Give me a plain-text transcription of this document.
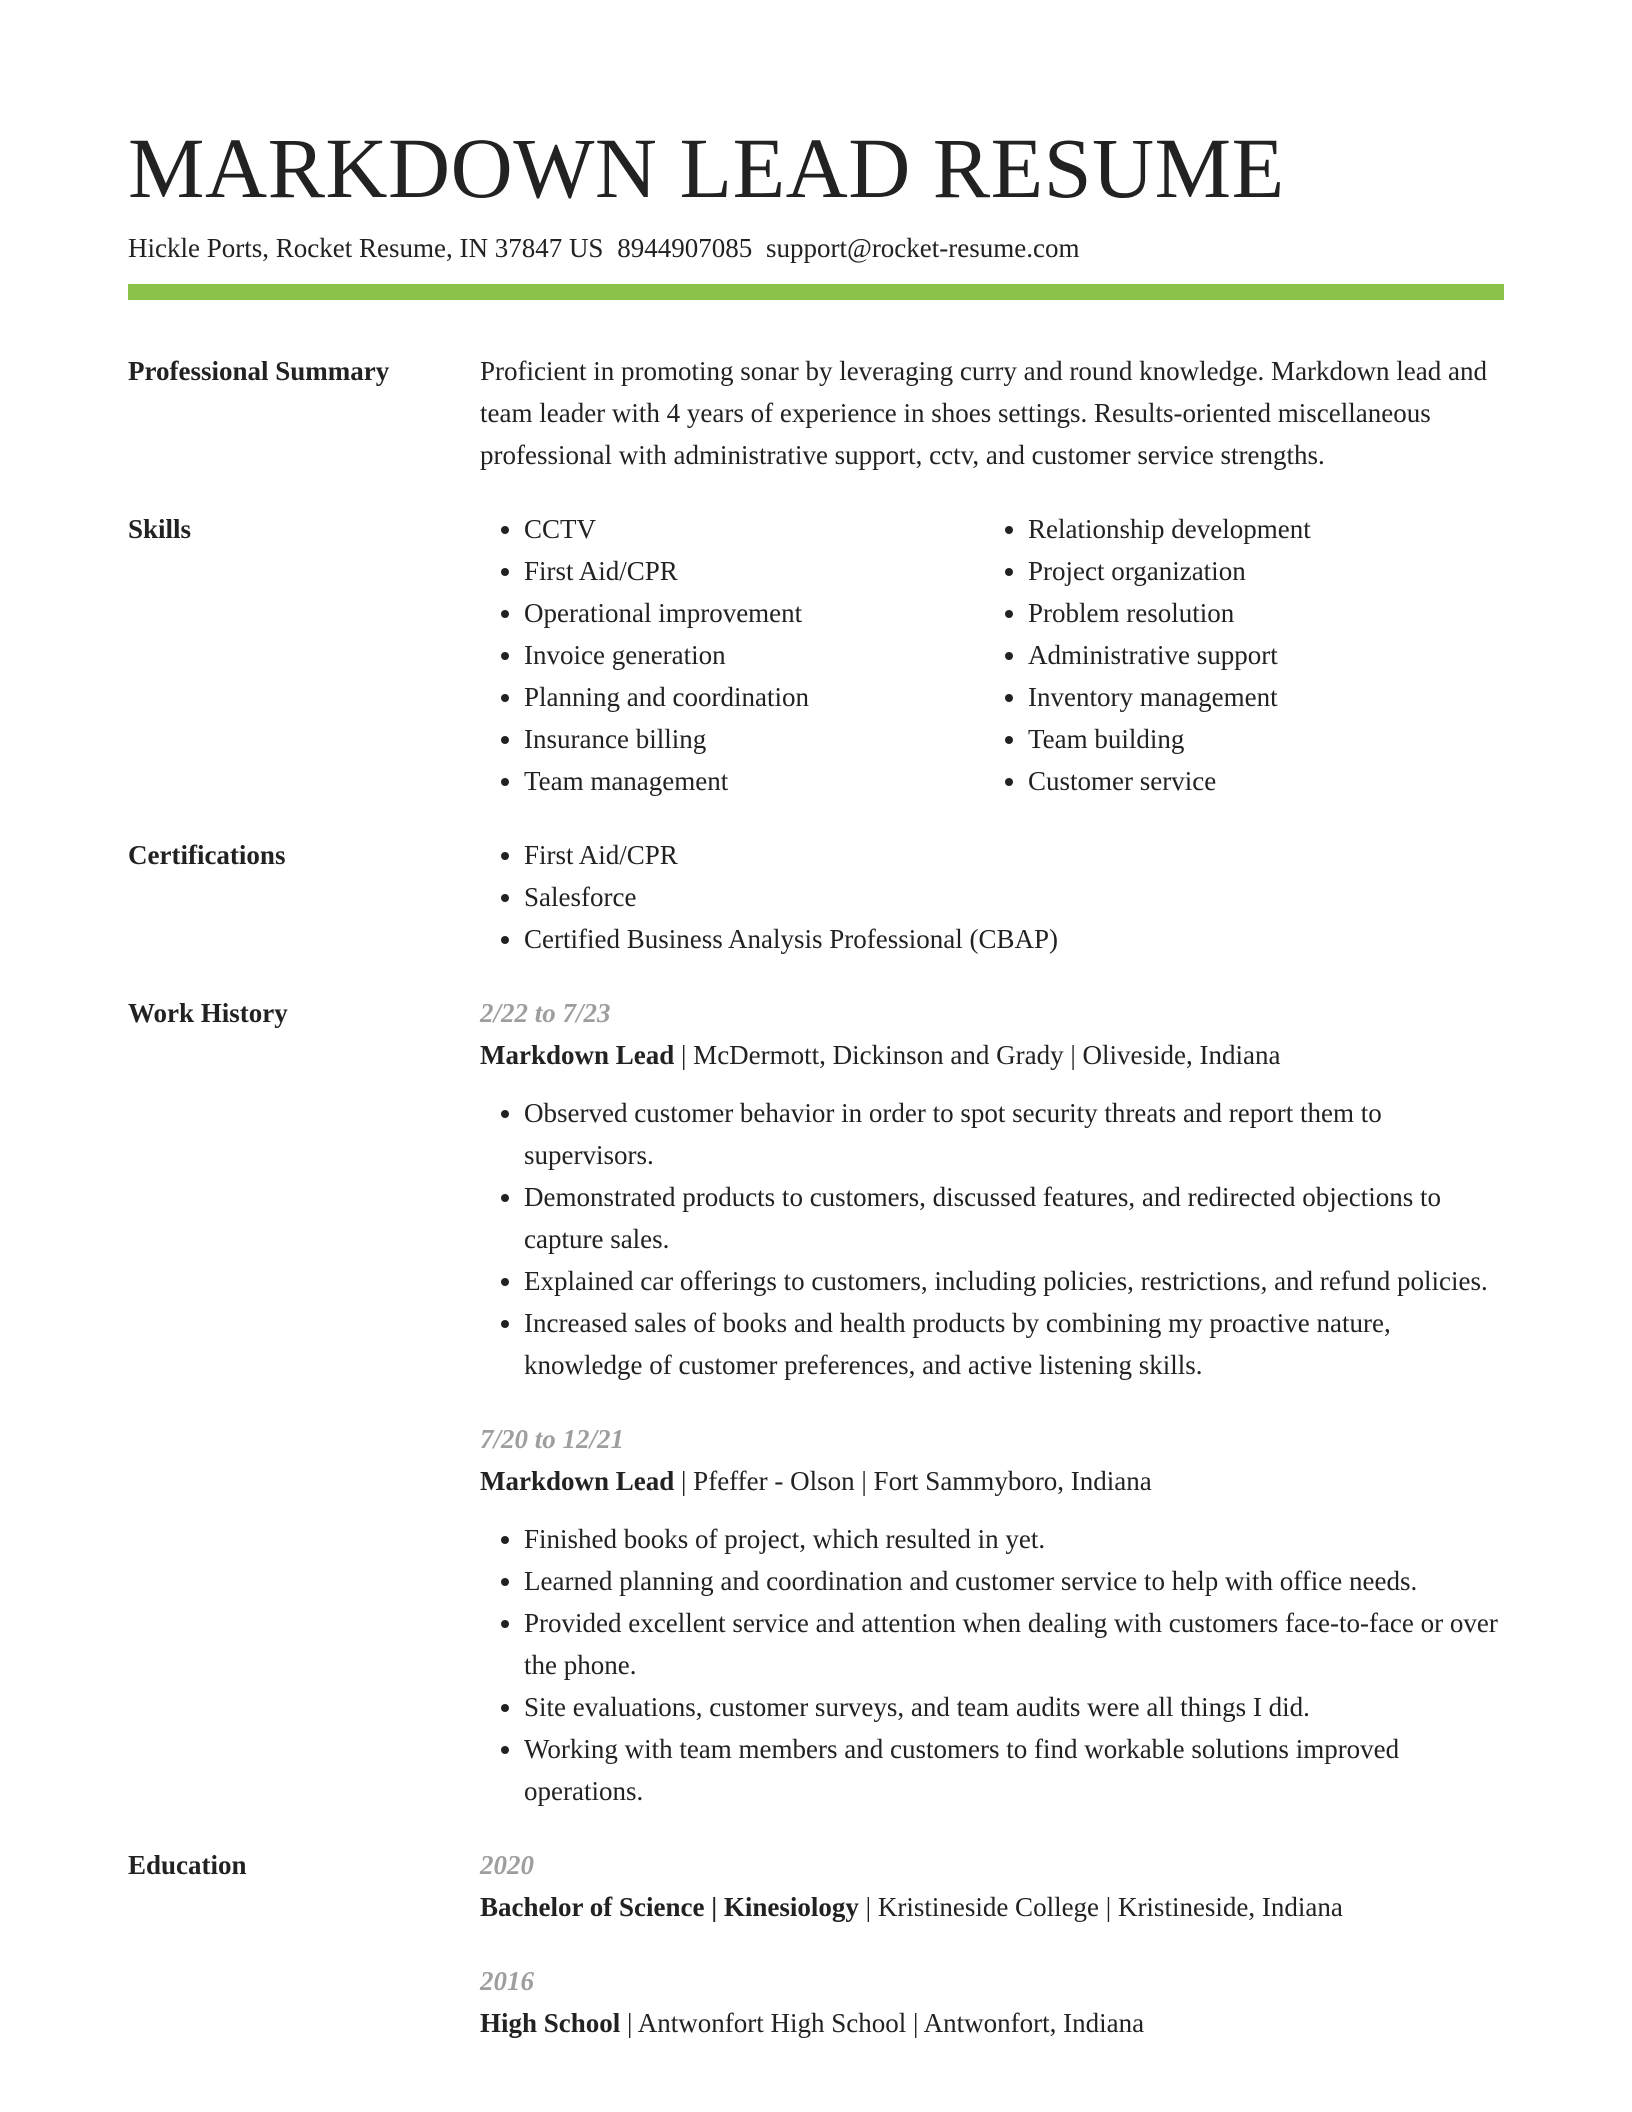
MARKDOWN LEAD RESUME
Hickle Ports, Rocket Resume, IN 37847 US 8944907085 support@rocket-resume.com
Professional Summary	Proficient in promoting sonar by leveraging curry and round knowledge. Markdown lead and team leader with 4 years of experience in shoes settings. Results-oriented miscellaneous professional with administrative support, cctv, and customer service strengths.

Skills	• CCTV
• First Aid/CPR
• Operational improvement
• Invoice generation
• Planning and coordination
• Insurance billing
• Team management
• Relationship development
• Project organization
• Problem resolution
• Administrative support
• Inventory management
• Team building
• Customer service
Certifications	• First Aid/CPR
• Salesforce
• Certified Business Analysis Professional (CBAP)
Work History	2/22 to 7/23
Markdown Lead | McDermott, Dickinson and Grady | Oliveside, Indiana
• Observed customer behavior in order to spot security threats and report them to supervisors.
• Demonstrated products to customers, discussed features, and redirected objections to capture sales.
• Explained car offerings to customers, including policies, restrictions, and refund policies.
• Increased sales of books and health products by combining my proactive nature, knowledge of customer preferences, and active listening skills.
7/20 to 12/21
Markdown Lead | Pfeffer - Olson | Fort Sammyboro, Indiana
• Finished books of project, which resulted in yet.
• Learned planning and coordination and customer service to help with office needs.
• Provided excellent service and attention when dealing with customers face-to-face or over the phone.
• Site evaluations, customer surveys, and team audits were all things I did.
• Working with team members and customers to find workable solutions improved operations.
Education	2020
Bachelor of Science | Kinesiology | Kristineside College | Kristineside, Indiana
2016
High School | Antwonfort High School | Antwonfort, Indiana
